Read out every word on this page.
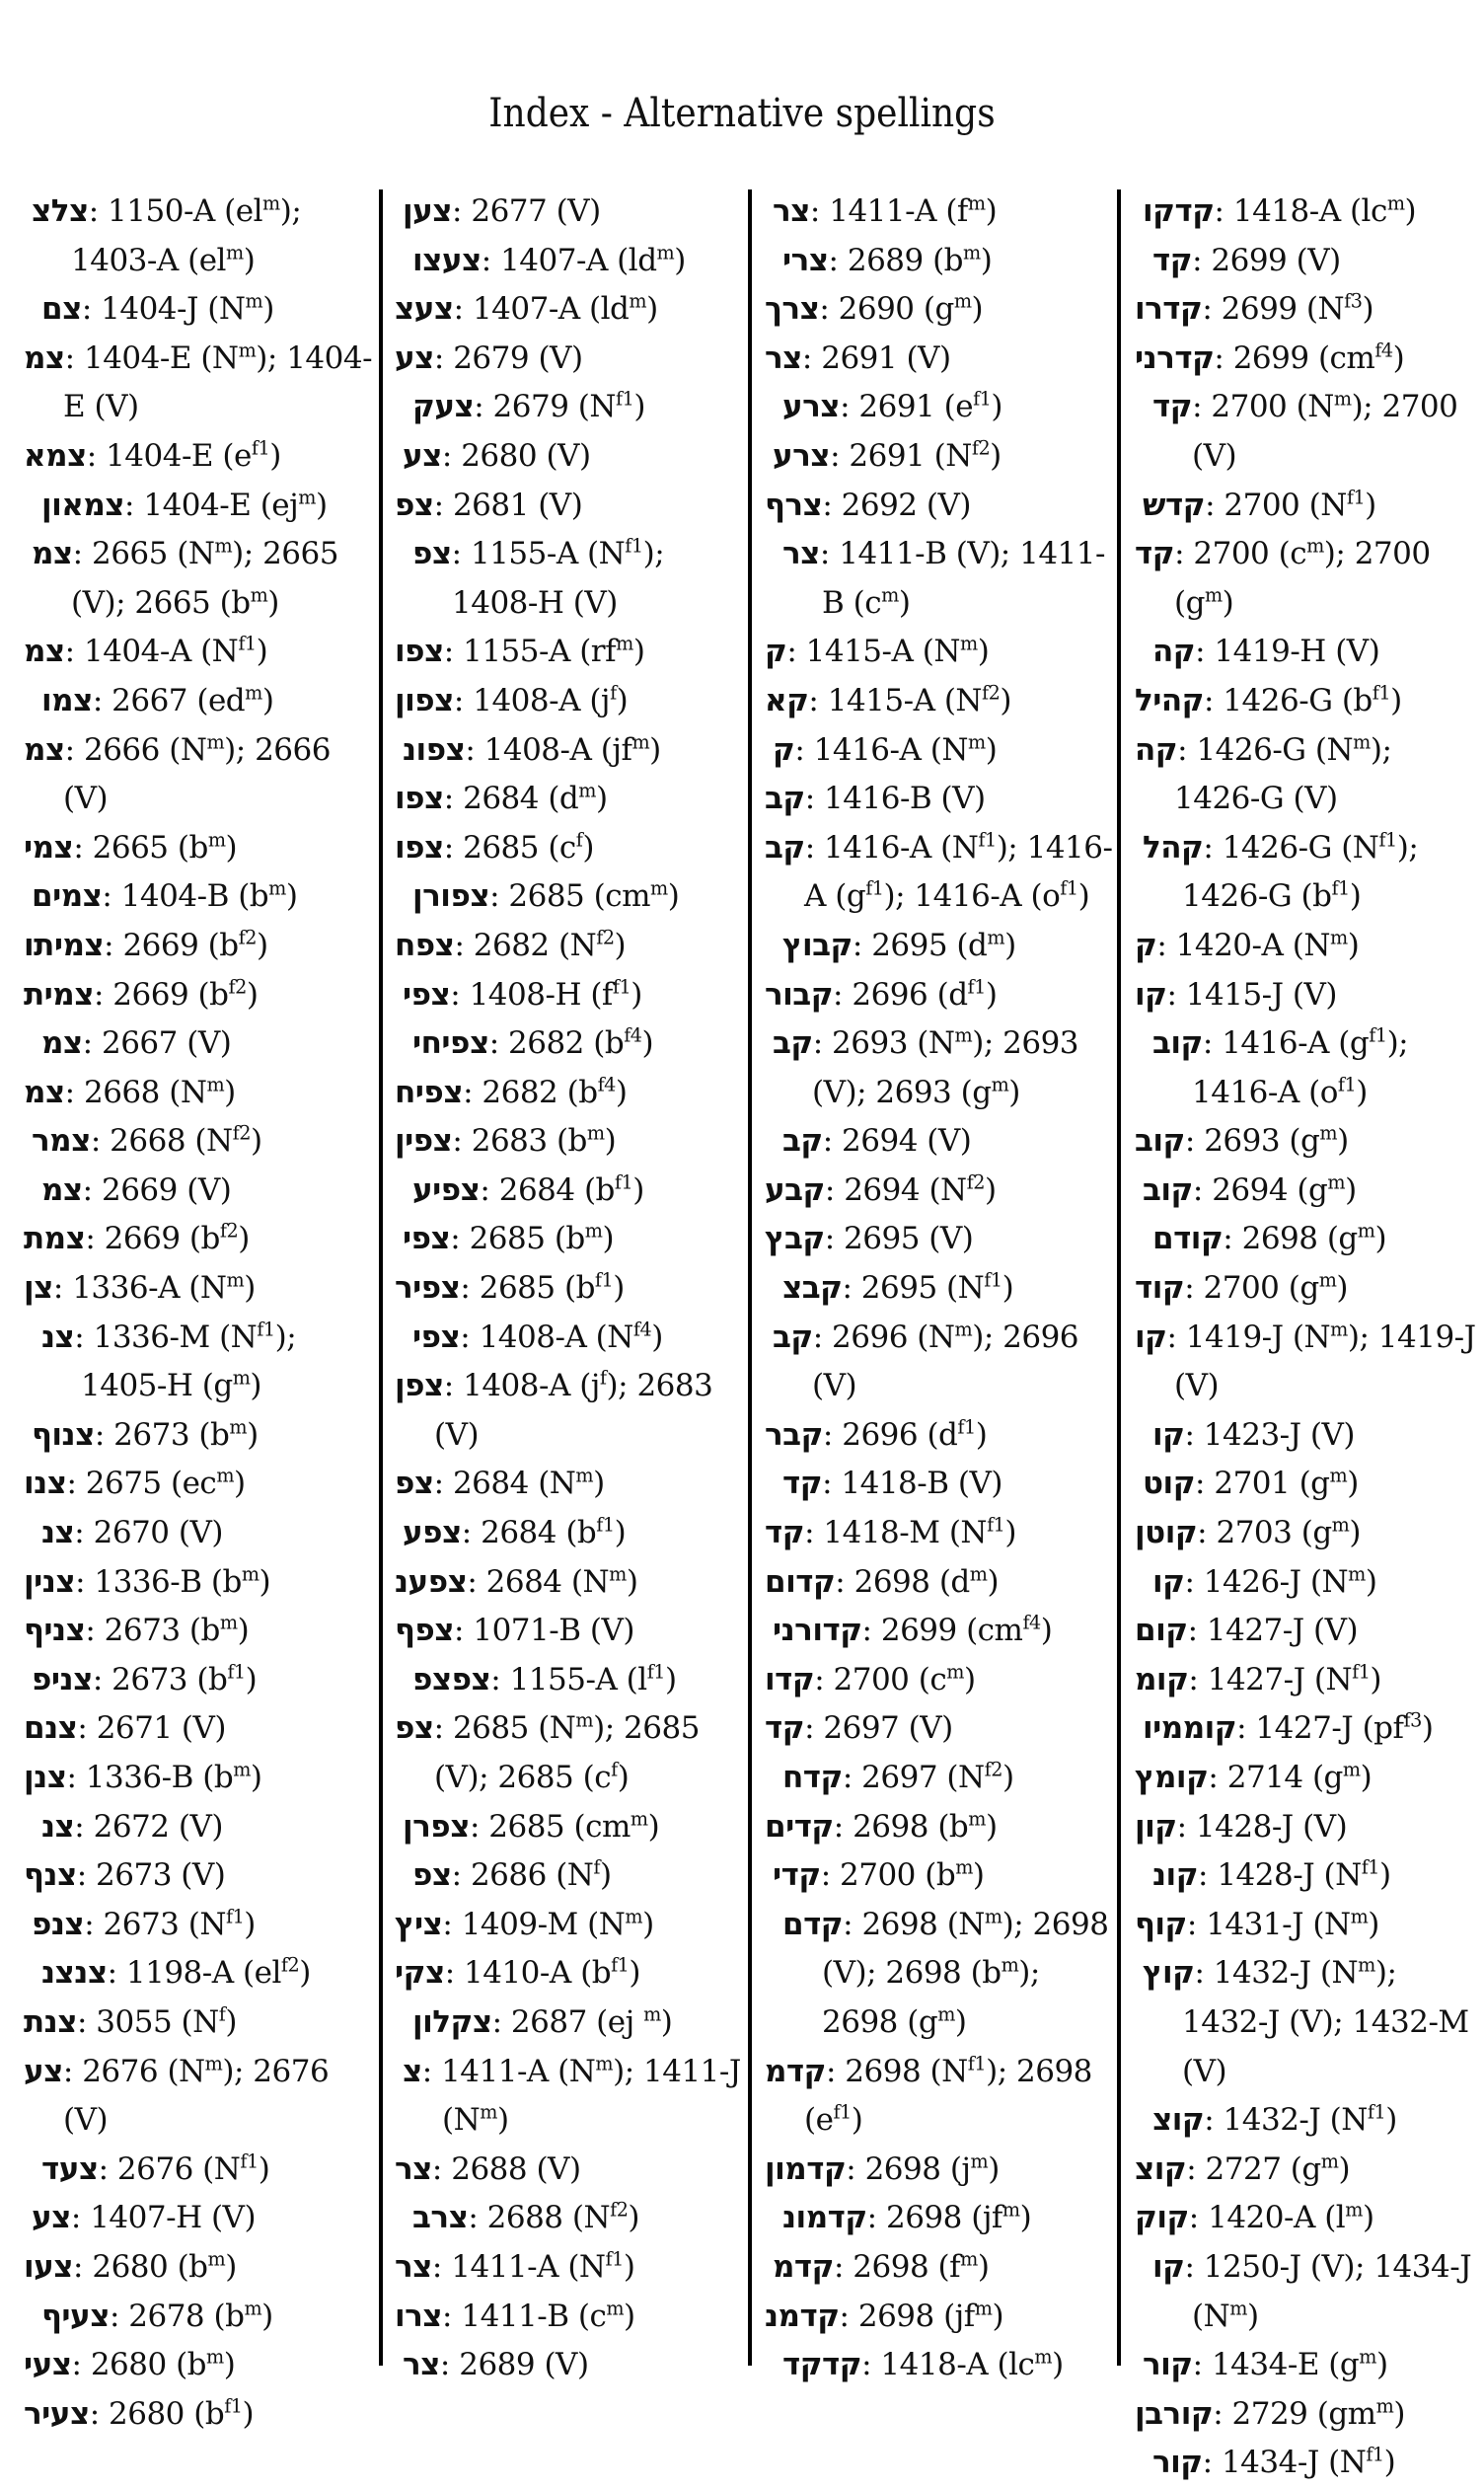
Index - Alternative spellings
צלצ: 1150-A $(el^m)$; 1403-A $(el^m)$
צם: 1404-J $(N^m)$
צמ: 1404-E $(N^m)$; 1404-E (V)
צמא: 1404-E $(e^{f1})$
צמאון: 1404-E $(ej^m)$
צמ: 2665 $(N^m)$; 2665 (V); 2665 $(b^m)$
צמ: 1404-A $(N^{f1})$
צמו: 2667 $(ed^m)$
צמ: 2666 $(N^m)$; 2666 (V)
צמי: 2665 $(b^m)$
צמים: 1404-B $(b^m)$
צמיתו: 2669 $(b^{f2})$
צמית: 2669 $(b^{f2})$
צמ: 2667 (V)
צמ: 2668 $(N^m)$
צמר: 2668 $(N^{f2})$
צמ: 2669 (V)
צמת: 2669 $(b^{f2})$
צן: 1336-A $(N^m)$
צנ: 1336-M $(N^{f1})$; 1405-H $(g^m)$
צנוף: 2673 $(b^m)$
צנו: 2675 $(ec^m)$
צנ: 2670 (V)
צנין: 1336-B $(b^m)$
צניף: 2673 $(b^m)$
צניפ: 2673 $(b^{f1})$
צנם: 2671 (V)
צנן: 1336-B $(b^m)$
צנ: 2672 (V)
צנף: 2673 (V)
צנפ: 2673 $(N^{f1})$
צנצנ: 1198-A $(el^{f2})$
צנת: 3055 $(N^f)$
צע: 2676 $(N^m)$; 2676 (V)
צעד: 2676 $(N^{f1})$
צע: 1407-H (V)
צעו: 2680 $(b^m)$
צעיף: 2678 $(b^m)$
צעי: 2680 $(b^m)$
צעיר: 2680 $(b^{f1})$
צען: 2677 (V)
צעצו: 1407-A $(ld^m)$
צעצ: 1407-A $(ld^m)$
צע: 2679 (V)
צעק: 2679 $(N^{f1})$
צע: 2680 (V)
צפ: 2681 (V)
צפ: 1155-A $(N^{f1})$; 1408-H (V)
צפו: 1155-A $(rf^m)$
צפון: 1408-A $(j^f)$
צפונ: 1408-A $(jf^m)$
צפו: 2684 $(d^m)$
צפו: 2685 $(c^f)$
צפורן: 2685 $(cm^m)$
צפח: 2682 $(N^{f2})$
צפי: 1408-H $(f^{f1})$
צפיחי: 2682 $(b^{f4})$
צפיח: 2682 $(b^{f4})$
צפין: 2683 $(b^m)$
צפיע: 2684 $(b^{f1})$
צפי: 2685 $(b^m)$
צפיר: 2685 $(b^{f1})$
צפי: 1408-A $(N^{f4})$
צפן: 1408-A $(j^f)$; 2683 (V)
צפ: 2684 $(N^m)$
צפע: 2684 $(b^{f1})$
צפענ: 2684 $(N^m)$
צפף: 1071-B (V)
צפצפ: 1155-A $(l^{f1})$
צפ: 2685 $(N^m)$; 2685 (V); 2685 $(c^f)$
צפרן: 2685 $(cm^m)$
צפ: 2686 $(N^f)$
ציץ: 1409-M $(N^m)$
צקי: 1410-A $(b^{f1})$
צקלון: 2687 (ej $^m$)
צ: 1411-A $(N^m)$; 1411-J $(N^m)$
צר: 2688 (V)
צרב: 2688 $(N^{f2})$
צר: 1411-A $(N^{f1})$
צרו: 1411-B $(c^m)$
צר: 2689 (V)
צר: 1411-A $(f^m)$
צרי: 2689 $(b^m)$
צרך: 2690 $(g^m)$
צר: 2691 (V)
צרע: 2691 $(e^{f1})$
צרע: 2691 $(N^{f2})$
צרף: 2692 (V)
צר: 1411-B (V); 1411-B $(c^m)$
ק: 1415-A $(N^m)$
קא: 1415-A $(N^{f2})$
ק: 1416-A $(N^m)$
קב: 1416-B (V)
קב: 1416-A $(N^{f1})$; 1416-A $(g^{f1})$; 1416-A $(o^{f1})$
קבוץ: 2695 $(d^m)$
קבור: 2696 $(d^{f1})$
קב: 2693 $(N^m)$; 2693 (V); 2693 $(g^m)$
קב: 2694 (V)
קבע: 2694 $(N^{f2})$
קבץ: 2695 (V)
קבצ: 2695 $(N^{f1})$
קב: 2696 $(N^m)$; 2696 (V)
קבר: 2696 $(d^{f1})$
קד: 1418-B (V)
קד: 1418-M $(N^{f1})$
קדום: 2698 $(d^m)$
קדורני: 2699 $(cm^{f4})$
קדו: 2700 $(c^m)$
קד: 2697 (V)
קדח: 2697 $(N^{f2})$
קדים: 2698 $(b^m)$
קדי: 2700 $(b^m)$
קדם: 2698 $(N^m)$; 2698 (V); 2698 $(b^m)$; 2698 $(g^m)$
קדמ: 2698 $(N^{f1})$; 2698 $(e^{f1})$
קדמון: 2698 $(j^m)$
קדמונ: 2698 $(jf^m)$
קדמ: 2698 $(f^m)$
קדמנ: 2698 $(jf^m)$
קדקד: 1418-A $(lc^m)$
קדקו: 1418-A $(lc^m)$
קד: 2699 (V)
קדרו: 2699 $(N^{f3})$
קדרני: 2699 $(cm^{f4})$
קד: 2700 $(N^m)$; 2700 (V)
קדש: 2700 $(N^{f1})$
קד: 2700 $(c^m)$; 2700 $(g^m)$
קה: 1419-H (V)
קהיל: 1426-G $(b^{f1})$
קה: 1426-G $(N^m)$; 1426-G (V)
קהל: 1426-G $(N^{f1})$; 1426-G $(b^{f1})$
ק: 1420-A $(N^m)$
קו: 1415-J (V)
קוב: 1416-A $(g^{f1})$; 1416-A $(o^{f1})$
קוב: 2693 $(g^m)$
קוב: 2694 $(g^m)$
קודם: 2698 $(g^m)$
קוד: 2700 $(g^m)$
קו: 1419-J $(N^m)$; 1419-J (V)
קו: 1423-J (V)
קוט: 2701 $(g^m)$
קוטן: 2703 $(g^m)$
קו: 1426-J $(N^m)$
קום: 1427-J (V)
קומ: 1427-J $(N^{f1})$
קוממיו: 1427-J $(pf^{f3})$
קומץ: 2714 $(g^m)$
קון: 1428-J (V)
קונ: 1428-J $(N^{f1})$
קוף: 1431-J $(N^m)$
קוץ: 1432-J $(N^m)$; 1432-J (V); 1432-M (V)
קוצ: 1432-J $(N^{f1})$
קוצ: 2727 $(g^m)$
קוק: 1420-A $(l^m)$
קו: 1250-J (V); 1434-J $(N^m)$
קור: 1434-E $(g^m)$
קורבן: 2729 $(gm^m)$
קור: 1434-J $(N^{f1})$
